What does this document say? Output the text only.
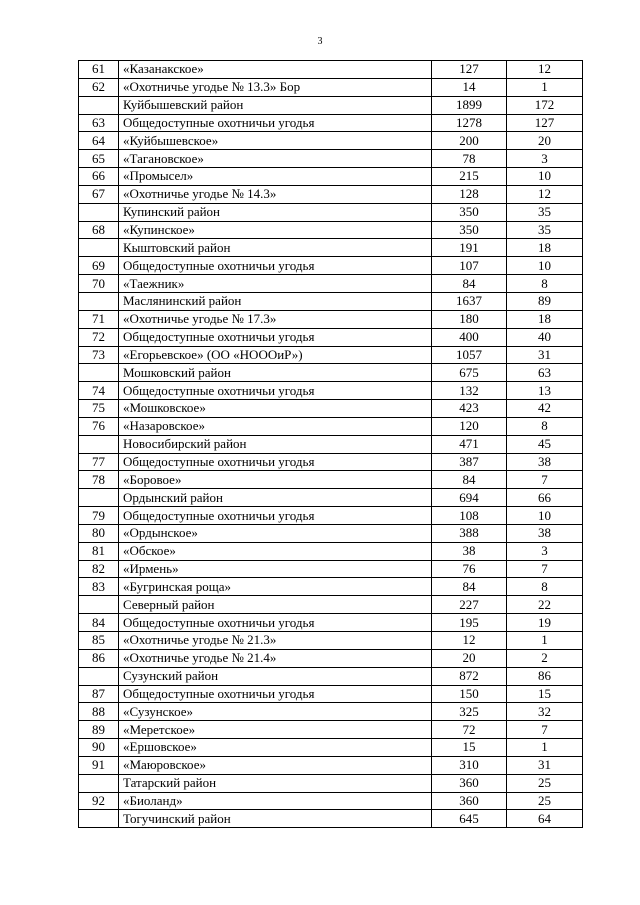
3
61	«Казанакское»	127	12
62	«Охотничье угодье № 13.3» Бор	14	1
	Куйбышевский район	1899	172
63	Общедоступные охотничьи угодья	1278	127
64	«Куйбышевское»	200	20
65	«Тагановское»	78	3
66	«Промысел»	215	10
67	«Охотничье угодье № 14.3»	128	12
	Купинский район	350	35
68	«Купинское»	350	35
	Кыштовский район	191	18
69	Общедоступные охотничьи угодья	107	10
70	«Таежник»	84	8
	Маслянинский район	1637	89
71	«Охотничье угодье № 17.3»	180	18
72	Общедоступные охотничьи угодья	400	40
73	«Егорьевское» (ОО «НОООиР»)	1057	31
	Мошковский район	675	63
74	Общедоступные охотничьи угодья	132	13
75	«Мошковское»	423	42
76	«Назаровское»	120	8
	Новосибирский район	471	45
77	Общедоступные охотничьи угодья	387	38
78	«Боровое»	84	7
	Ордынский район	694	66
79	Общедоступные охотничьи угодья	108	10
80	«Ордынское»	388	38
81	«Обское»	38	3
82	«Ирмень»	76	7
83	«Бугринская роща»	84	8
	Северный район	227	22
84	Общедоступные охотничьи угодья	195	19
85	«Охотничье угодье № 21.3»	12	1
86	«Охотничье угодье № 21.4»	20	2
	Сузунский район	872	86
87	Общедоступные охотничьи угодья	150	15
88	«Сузунское»	325	32
89	«Меретское»	72	7
90	«Ершовское»	15	1
91	«Маюровское»	310	31
	Татарский район	360	25
92	«Биоланд»	360	25
	Тогучинский район	645	64
